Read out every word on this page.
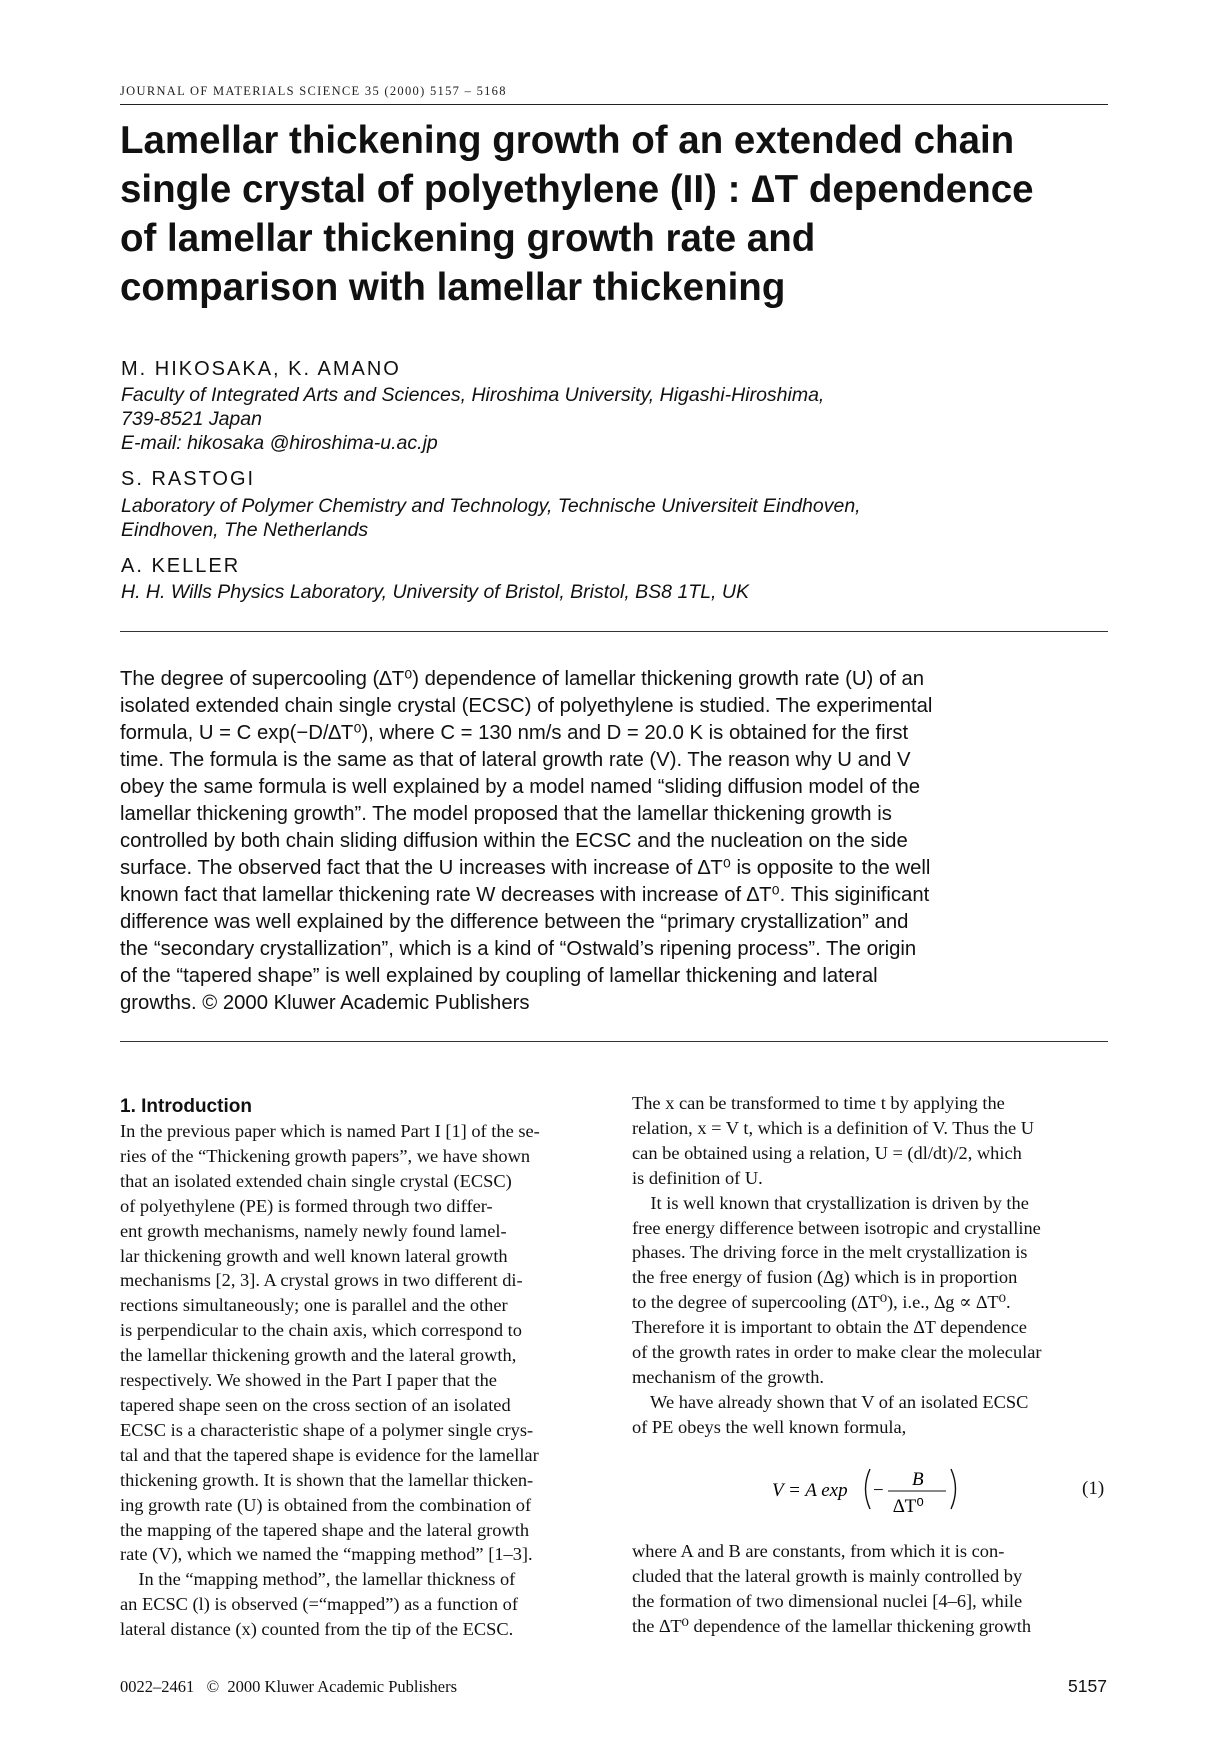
JOURNAL OF MATERIALS SCIENCE 35 (2000) 5157 – 5168
Lamellar thickening growth of an extended chain
single crystal of polyethylene (II) : ∆T dependence
of lamellar thickening growth rate and
comparison with lamellar thickening
M. HIKOSAKA, K. AMANO
Faculty of Integrated Arts and Sciences, Hiroshima University, Higashi-Hiroshima,
739-8521 Japan
E-mail: hikosaka @hiroshima-u.ac.jp
S. RASTOGI
Laboratory of Polymer Chemistry and Technology, Technische Universiteit Eindhoven,
Eindhoven, The Netherlands
A. KELLER
H. H. Wills Physics Laboratory, University of Bristol, Bristol, BS8 1TL, UK
The degree of supercooling (∆T⁰) dependence of lamellar thickening growth rate (U) of an
isolated extended chain single crystal (ECSC) of polyethylene is studied. The experimental
formula, U = C exp(−D/∆T⁰), where C = 130 nm/s and D = 20.0 K is obtained for the first
time. The formula is the same as that of lateral growth rate (V). The reason why U and V
obey the same formula is well explained by a model named “sliding diffusion model of the
lamellar thickening growth”. The model proposed that the lamellar thickening growth is
controlled by both chain sliding diffusion within the ECSC and the nucleation on the side
surface. The observed fact that the U increases with increase of ∆T⁰ is opposite to the well
known fact that lamellar thickening rate W decreases with increase of ∆T⁰. This siginificant
difference was well explained by the difference between the “primary crystallization” and
the “secondary crystallization”, which is a kind of “Ostwald’s ripening process”. The origin
of the “tapered shape” is well explained by coupling of lamellar thickening and lateral
growths. © 2000 Kluwer Academic Publishers
1. Introduction
In the previous paper which is named Part I [1] of the se-
ries of the “Thickening growth papers”, we have shown
that an isolated extended chain single crystal (ECSC)
of polyethylene (PE) is formed through two differ-
ent growth mechanisms, namely newly found lamel-
lar thickening growth and well known lateral growth
mechanisms [2, 3]. A crystal grows in two different di-
rections simultaneously; one is parallel and the other
is perpendicular to the chain axis, which correspond to
the lamellar thickening growth and the lateral growth,
respectively. We showed in the Part I paper that the
tapered shape seen on the cross section of an isolated
ECSC is a characteristic shape of a polymer single crys-
tal and that the tapered shape is evidence for the lamellar
thickening growth. It is shown that the lamellar thicken-
ing growth rate (U) is obtained from the combination of
the mapping of the tapered shape and the lateral growth
rate (V), which we named the “mapping method” [1–3].
In the “mapping method”, the lamellar thickness of
an ECSC (l) is observed (=“mapped”) as a function of
lateral distance (x) counted from the tip of the ECSC.
The x can be transformed to time t by applying the
relation, x = V t, which is a definition of V. Thus the U
can be obtained using a relation, U = (dl/dt)/2, which
is definition of U.
It is well known that crystallization is driven by the
free energy difference between isotropic and crystalline
phases. The driving force in the melt crystallization is
the free energy of fusion (∆g) which is in proportion
to the degree of supercooling (∆T⁰), i.e., ∆g ∝ ∆T⁰.
Therefore it is important to obtain the ∆T dependence
of the growth rates in order to make clear the molecular
mechanism of the growth.
We have already shown that V of an isolated ECSC
of PE obeys the well known formula,
V = A exp −
B
∆T⁰
(1)
where A and B are constants, from which it is con-
cluded that the lateral growth is mainly controlled by
the formation of two dimensional nuclei [4–6], while
the ∆T⁰ dependence of the lamellar thickening growth
0022–2461   ©  2000 Kluwer Academic Publishers	5157
